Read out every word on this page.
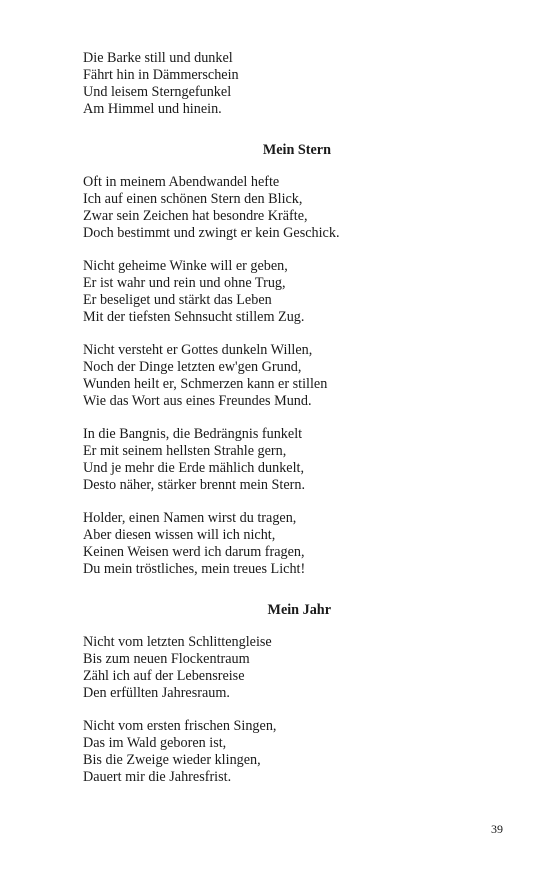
Die Barke still und dunkel
Fährt hin in Dämmerschein
Und leisem Sterngefunkel
Am Himmel und hinein.
Mein Stern
Oft in meinem Abendwandel hefte
Ich auf einen schönen Stern den Blick,
Zwar sein Zeichen hat besondre Kräfte,
Doch bestimmt und zwingt er kein Geschick.
Nicht geheime Winke will er geben,
Er ist wahr und rein und ohne Trug,
Er beseliget und stärkt das Leben
Mit der tiefsten Sehnsucht stillem Zug.
Nicht versteht er Gottes dunkeln Willen,
Noch der Dinge letzten ew'gen Grund,
Wunden heilt er, Schmerzen kann er stillen
Wie das Wort aus eines Freundes Mund.
In die Bangnis, die Bedrängnis funkelt
Er mit seinem hellsten Strahle gern,
Und je mehr die Erde mählich dunkelt,
Desto näher, stärker brennt mein Stern.
Holder, einen Namen wirst du tragen,
Aber diesen wissen will ich nicht,
Keinen Weisen werd ich darum fragen,
Du mein tröstliches, mein treues Licht!
Mein Jahr
Nicht vom letzten Schlittengleise
Bis zum neuen Flockentraum
Zähl ich auf der Lebensreise
Den erfüllten Jahresraum.
Nicht vom ersten frischen Singen,
Das im Wald geboren ist,
Bis die Zweige wieder klingen,
Dauert mir die Jahresfrist.
39
